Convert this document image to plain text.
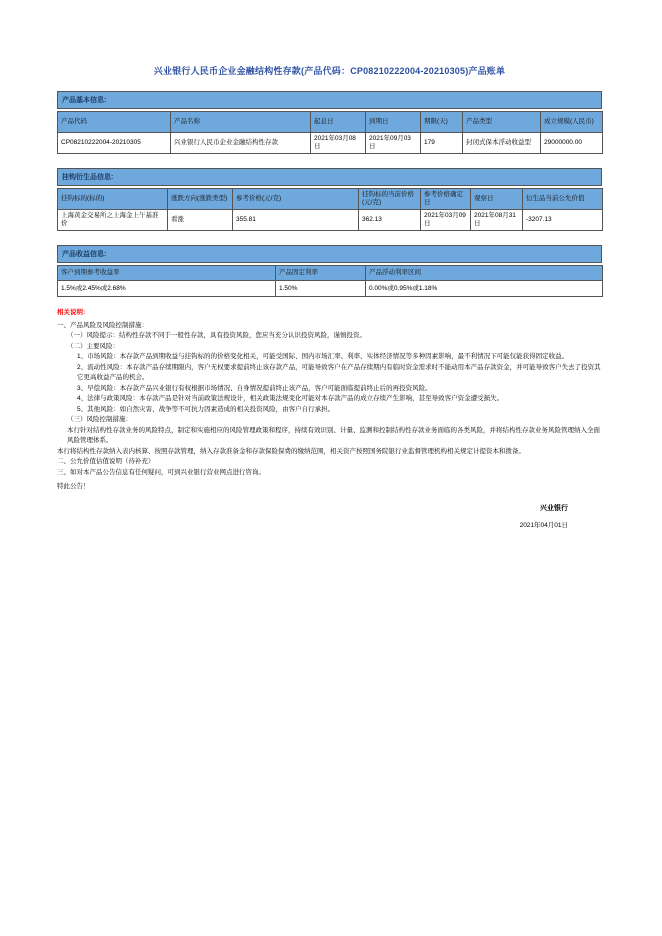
兴业银行人民币企业金融结构性存款(产品代码：CP08210222004-20210305)产品账单
产品基本信息:
产品代码	产品名称	起息日	到期日	期限(天)	产品类型	成立规模(人民币)
CP08210222004-20210305	兴业银行人民币企业金融结构性存款	2021年03月08日	2021年09月03日	179	封闭式保本浮动收益型	29000000.00
挂钩衍生品信息:
挂钩标的(标的)	涨跌方向(涨跌类型)	参考价格(元/克)	挂钩标的当前价格(元/克)	参考价格确定日	观察日	衍生品当前公允价值
上海黄金交易所之上海金上午基准价	看涨	355.81	362.13	2021年03月09日	2021年08月31日	-3207.13
产品收益信息:
客户到期参考收益率	产品固定利率	产品浮动利率区间
1.5%或2.45%或2.68%	1.50%	0.00%或0.95%或1.18%
相关说明:
一、产品风险及风险控制措施：
（一）风险提示：结构性存款不同于一般性存款，具有投资风险，您应当充分认识投资风险，谨慎投资。
（二）主要风险：
1、市场风险：本存款产品到期收益与挂钩标的的价格变化相关，可能受国际、国内市场汇率、利率、实体经济情况等多种因素影响，最不利情况下可能仅能获得固定收益。
2、流动性风险：本存款产品存续期限内，客户无权要求提前终止该存款产品，可能导致客户在产品存续期内有临时资金需求时不能动用本产品存款资金，并可能导致客户失去了投资其它更高收益产品的机会。
3、早偿风险：本存款产品兴业银行有权根据市场情况、自身情况提前终止该产品，客户可能面临提前终止后的再投资风险。
4、法律与政策风险：本存款产品是针对当前政策法规设计，相关政策法规变化可能对本存款产品的成立存续产生影响，甚至导致客户资金遭受损失。
5、其他风险：如自然灾害、战争等不可抗力因素造成的相关投资风险，由客户自行承担。
（三）风险控制措施：
本行针对结构性存款业务的风险特点，制定和实施相应的风险管理政策和程序，持续有效识别、计量、监测和控制结构性存款业务面临的各类风险，并将结构性存款业务风险管理纳入全面风险管理体系。
本行将结构性存款纳入表内核算、按照存款管理，纳入存款准备金和存款保险保费的缴纳范围，相关资产按照国务院银行业监督管理机构相关规定计提资本和拨备。
二、公允价值估值说明（待补充）
三、如对本产品公告信息有任何疑问，可到兴业银行营业网点进行咨询。
特此公告！
兴业银行
2021年04月01日
